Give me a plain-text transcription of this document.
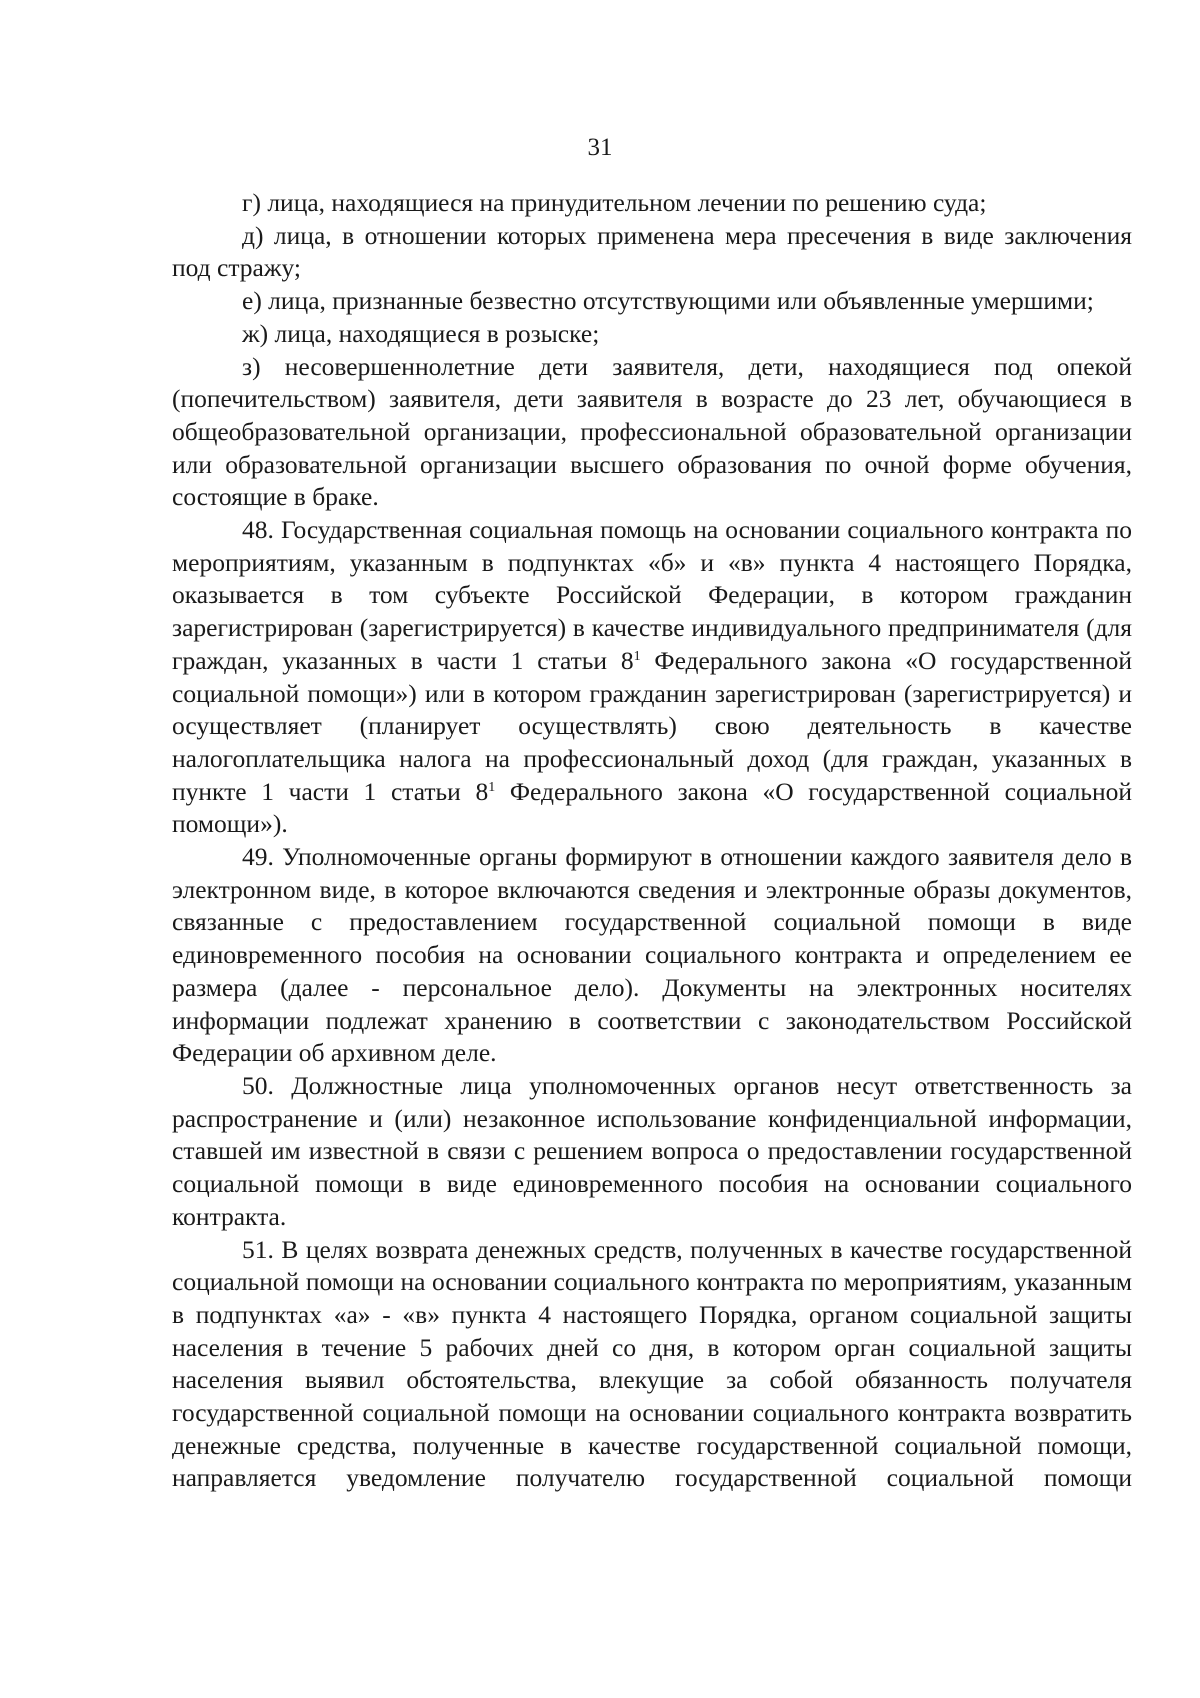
31

г) лица, находящиеся на принудительном лечении по решению суда;

д) лица, в отношении которых применена мера пресечения в виде заключения под стражу;

е) лица, признанные безвестно отсутствующими или объявленные умершими;

ж) лица, находящиеся в розыске;

з) несовершеннолетние дети заявителя, дети, находящиеся под опекой (попечительством) заявителя, дети заявителя в возрасте до 23 лет, обучающиеся в общеобразовательной организации, профессиональной образовательной организации или образовательной организации высшего образования по очной форме обучения, состоящие в браке.

48. Государственная социальная помощь на основании социального контракта по мероприятиям, указанным в подпунктах «б» и «в» пункта 4 настоящего Порядка, оказывается в том субъекте Российской Федерации, в котором гражданин зарегистрирован (зарегистрируется) в качестве индивидуального предпринимателя (для граждан, указанных в части 1 статьи $8^1$ Федерального закона «О государственной социальной помощи») или в котором гражданин зарегистрирован (зарегистрируется) и осуществляет (планирует осуществлять) свою деятельность в качестве налогоплательщика налога на профессиональный доход (для граждан, указанных в пункте 1 части 1 статьи $8^1$ Федерального закона «О государственной социальной помощи»).

49. Уполномоченные органы формируют в отношении каждого заявителя дело в электронном виде, в которое включаются сведения и электронные образы документов, связанные с предоставлением государственной социальной помощи в виде единовременного пособия на основании социального контракта и определением ее размера (далее - персональное дело). Документы на электронных носителях информации подлежат хранению в соответствии с законодательством Российской Федерации об архивном деле.

50. Должностные лица уполномоченных органов несут ответственность за распространение и (или) незаконное использование конфиденциальной информации, ставшей им известной в связи с решением вопроса о предоставлении государственной социальной помощи в виде единовременного пособия на основании социального контракта.

51. В целях возврата денежных средств, полученных в качестве государственной социальной помощи на основании социального контракта по мероприятиям, указанным в подпунктах «а» - «в» пункта 4 настоящего Порядка, органом социальной защиты населения в течение 5 рабочих дней со дня, в котором орган социальной защиты населения выявил обстоятельства, влекущие за собой обязанность получателя государственной социальной помощи на основании социального контракта возвратить денежные средства, полученные в качестве государственной социальной помощи, направляется уведомление получателю государственной социальной помощи
